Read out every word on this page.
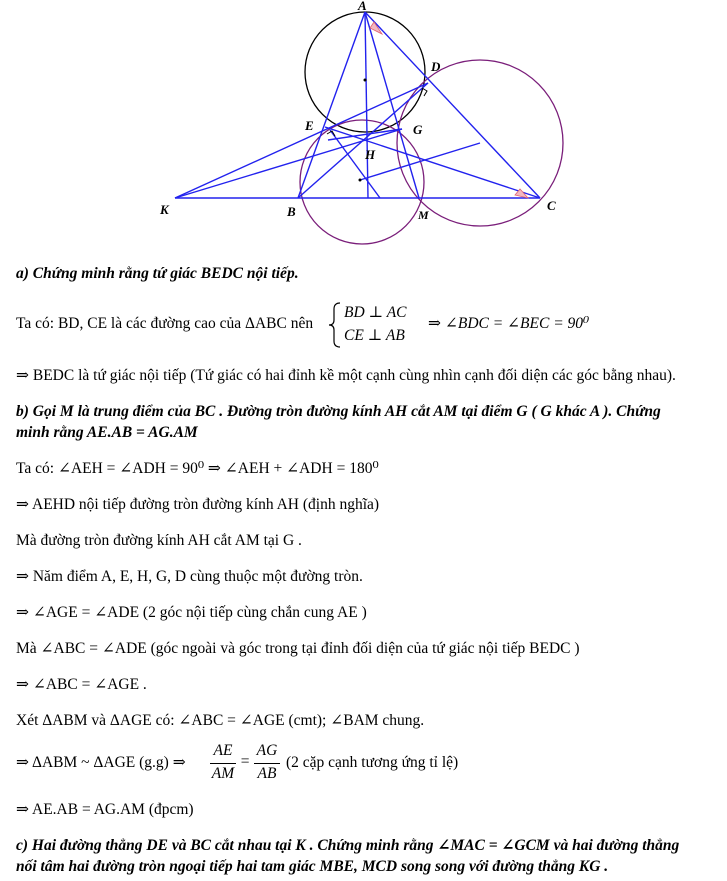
A
D
E	G
H
K	B	M
C
a) Chứng minh rằng tứ giác BEDC nội tiếp.
Ta có: BD, CE là các đường cao của ΔABC nên
BD ⊥ AC
CE ⊥ AB
⇒ ∠BDC = ∠BEC = 90⁰
⇒ BEDC là tứ giác nội tiếp (Tứ giác có hai đỉnh kề một cạnh cùng nhìn cạnh đối diện các góc bằng nhau).
b) Gọi M là trung điểm của BC . Đường tròn đường kính AH cắt AM tại điểm G ( G khác A ). Chứng
minh rằng AE.AB = AG.AM
Ta có: ∠AEH = ∠ADH = 90⁰ ⇒ ∠AEH + ∠ADH = 180⁰
⇒ AEHD nội tiếp đường tròn đường kính AH (định nghĩa)
Mà đường tròn đường kính AH cắt AM tại G .
⇒ Năm điểm A, E, H, G, D cùng thuộc một đường tròn.
⇒ ∠AGE = ∠ADE (2 góc nội tiếp cùng chắn cung AE )
Mà ∠ABC = ∠ADE (góc ngoài và góc trong tại đỉnh đối diện của tứ giác nội tiếp BEDC )
⇒ ∠ABC = ∠AGE .
Xét ΔABM và ΔAGE có: ∠ABC = ∠AGE (cmt); ∠BAM chung.
⇒ ΔABM ~ ΔAGE (g.g) ⇒
AE
AM
=
AG
AB
(2 cặp cạnh tương ứng tỉ lệ)
⇒ AE.AB = AG.AM (đpcm)
c) Hai đường thẳng DE và BC cắt nhau tại K . Chứng minh rằng ∠MAC = ∠GCM và hai đường thẳng
nối tâm hai đường tròn ngoại tiếp hai tam giác MBE, MCD song song với đường thẳng KG .
